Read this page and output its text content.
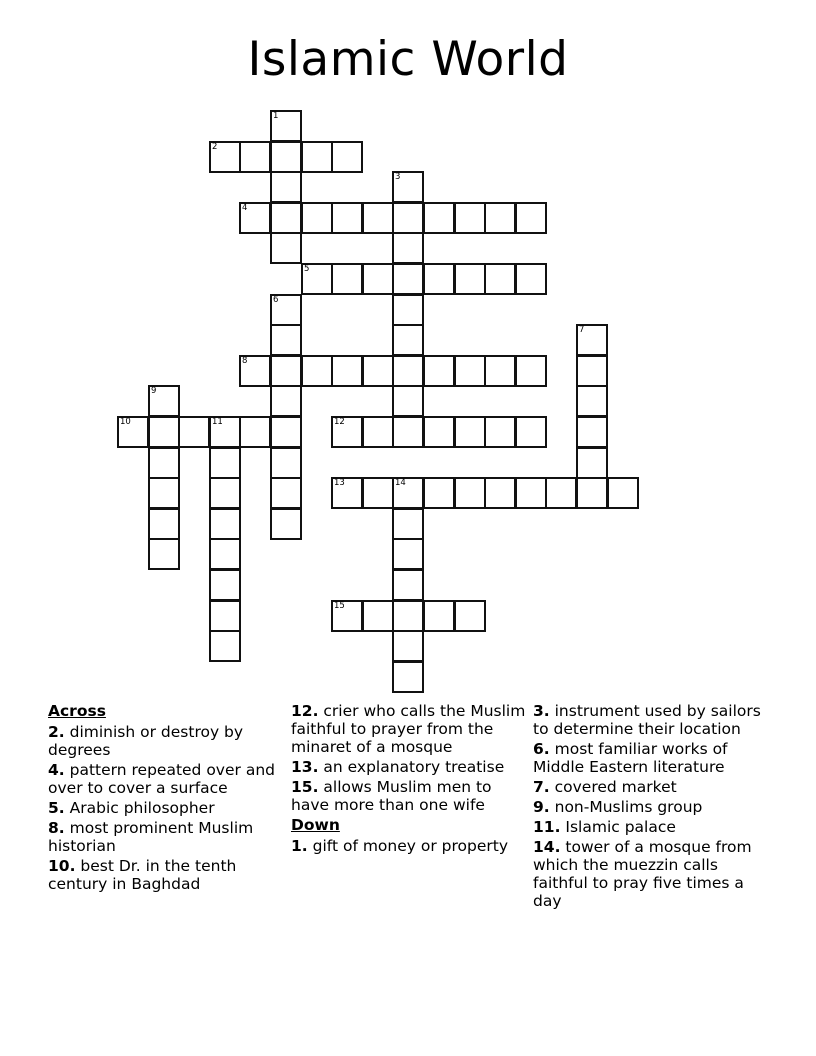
Islamic World
1
2
3
4
5
6
7
8
9
10	11	12
13	14
15
Across
2. diminish or destroy by degrees
4. pattern repeated over and over to cover a surface
5. Arabic philosopher
8. most prominent Muslim historian
10. best Dr. in the tenth century in Baghdad
12. crier who calls the Muslim faithful to prayer from the minaret of a mosque
13. an explanatory treatise
15. allows Muslim men to have more than one wife
Down
1. gift of money or property
3. instrument used by sailors to determine their location
6. most familiar works of Middle Eastern literature
7. covered market
9. non-Muslims group
11. Islamic palace
14. tower of a mosque from which the muezzin calls faithful to pray five times a day
